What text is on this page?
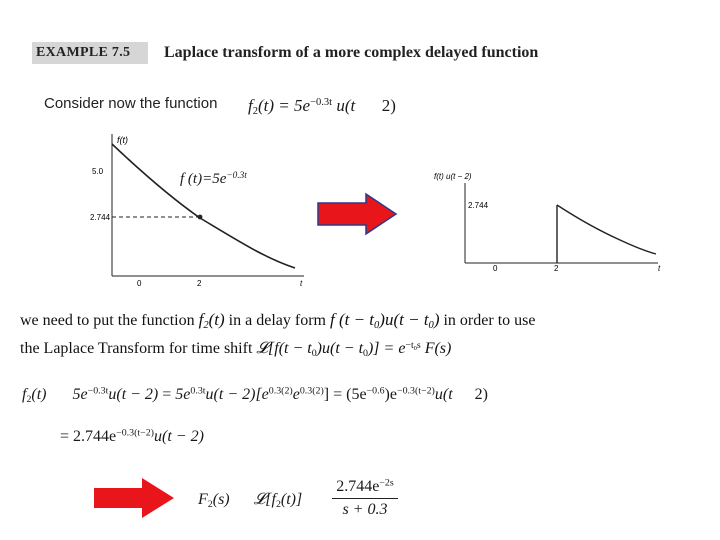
EXAMPLE 7.5	Laplace transform of a more complex delayed function
Consider now the function $f_2(t) = 5e^{-0.3t}$ u(t 2)
f(t)
5.0
2.744
0	2	t
f $(t)=5e^{-0.3t}$	f(t) u(t − 2)
2.744
0	2	t
we need to put the function $f_2(t)$ in a delay form f $(t - t_0)u(t - t_0)$ in order to use
the Laplace Transform for time shift 𝓛[f(t − $t_0)u(t - t_0)] = e^{-t_0s}$ F(s)
$f_2(t) 5e^{-0.3t}u(t - 2) = 5e^{0.3t}u(t - 2)[e^{0.3(2)}e^{0.3(2)}] = (5e^{-0.6})e^{-0.3(t-2)}u(t$ 2)
= $2.744e^{-0.3(t-2)}u(t - 2)$
$F_2(s)$ $𝓛[f_2(t)] \frac{2.744e^{-2s}}{s + 0.3}$
